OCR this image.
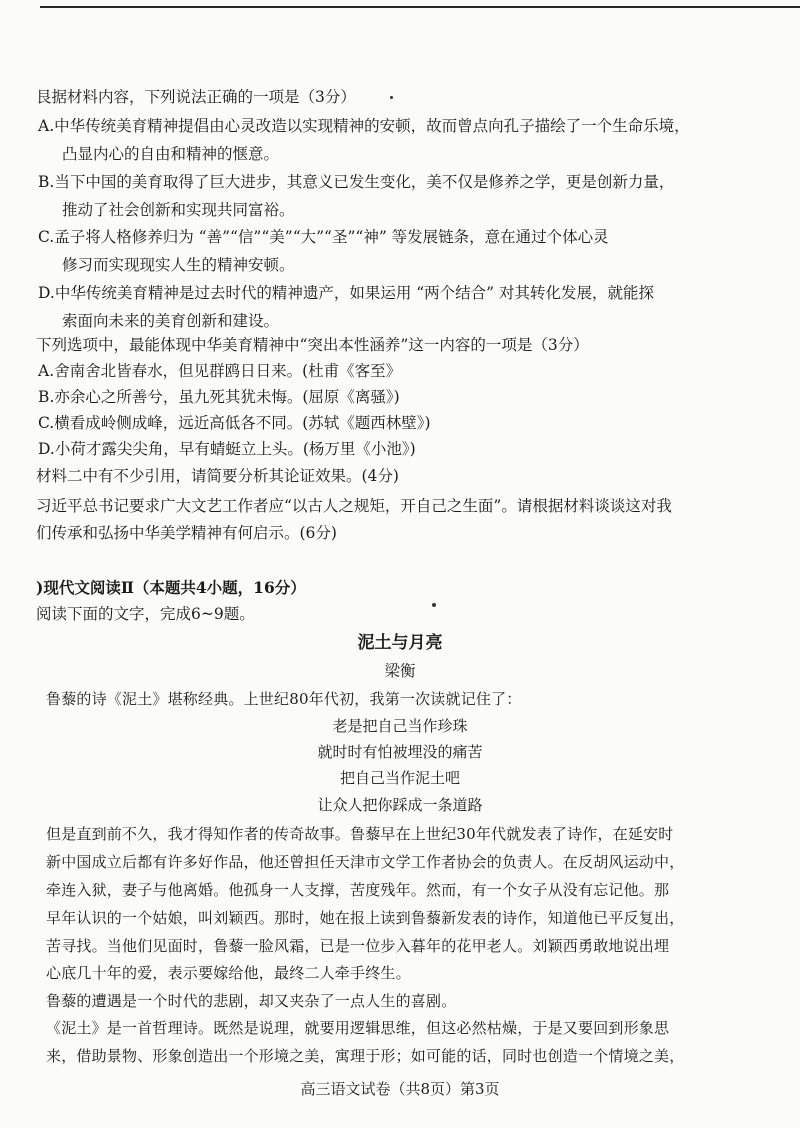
艮据材料内容，下列说法正确的一项是（3分）
A.中华传统美育精神提倡由心灵改造以实现精神的安顿，故而曾点向孔子描绘了一个生命乐境，
凸显内心的自由和精神的惬意。
B.当下中国的美育取得了巨大进步，其意义已发生变化，美不仅是修养之学，更是创新力量，
推动了社会创新和实现共同富裕。
C.孟子将人格修养归为 “善”“信”“美”“大”“圣”“神” 等发展链条，意在通过个体心灵
修习而实现现实人生的精神安顿。
D.中华传统美育精神是过去时代的精神遗产，如果运用 “两个结合” 对其转化发展，就能探
索面向未来的美育创新和建设。
下列选项中，最能体现中华美育精神中“突出本性涵养”这一内容的一项是（3分）
A.舍南舍北皆春水，但见群鸥日日来。(杜甫《客至》
B.亦余心之所善兮，虽九死其犹未悔。(屈原《离骚》)
C.横看成岭侧成峰，远近高低各不同。(苏轼《题西林壁》)
D.小荷才露尖尖角，早有蜻蜓立上头。(杨万里《小池》)
材料二中有不少引用，请简要分析其论证效果。(4分)
习近平总书记要求广大文艺工作者应“以古人之规矩，开自己之生面”。请根据材料谈谈这对我
们传承和弘扬中华美学精神有何启示。(6分)
)现代文阅读Ⅱ（本题共4小题，16分）
阅读下面的文字，完成6~9题。
泥土与月亮
梁衡
鲁藜的诗《泥土》堪称经典。上世纪80年代初，我第一次读就记住了：
老是把自己当作珍珠
就时时有怕被埋没的痛苦
把自己当作泥土吧
让众人把你踩成一条道路
但是直到前不久，我才得知作者的传奇故事。鲁藜早在上世纪30年代就发表了诗作，在延安时
新中国成立后都有许多好作品，他还曾担任天津市文学工作者协会的负责人。在反胡风运动中，
牵连入狱，妻子与他离婚。他孤身一人支撑，苦度残年。然而，有一个女子从没有忘记他。那
早年认识的一个姑娘，叫刘颖西。那时，她在报上读到鲁藜新发表的诗作，知道他已平反复出，
苦寻找。当他们见面时，鲁藜一脸风霜，已是一位步入暮年的花甲老人。刘颖西勇敢地说出埋
心底几十年的爱，表示要嫁给他，最终二人牵手终生。
鲁藜的遭遇是一个时代的悲剧，却又夹杂了一点人生的喜剧。
《泥土》是一首哲理诗。既然是说理，就要用逻辑思维，但这必然枯燥，于是又要回到形象思
来，借助景物、形象创造出一个形境之美，寓理于形；如可能的话，同时也创造一个情境之美，
高三语文试卷（共8页）第3页
